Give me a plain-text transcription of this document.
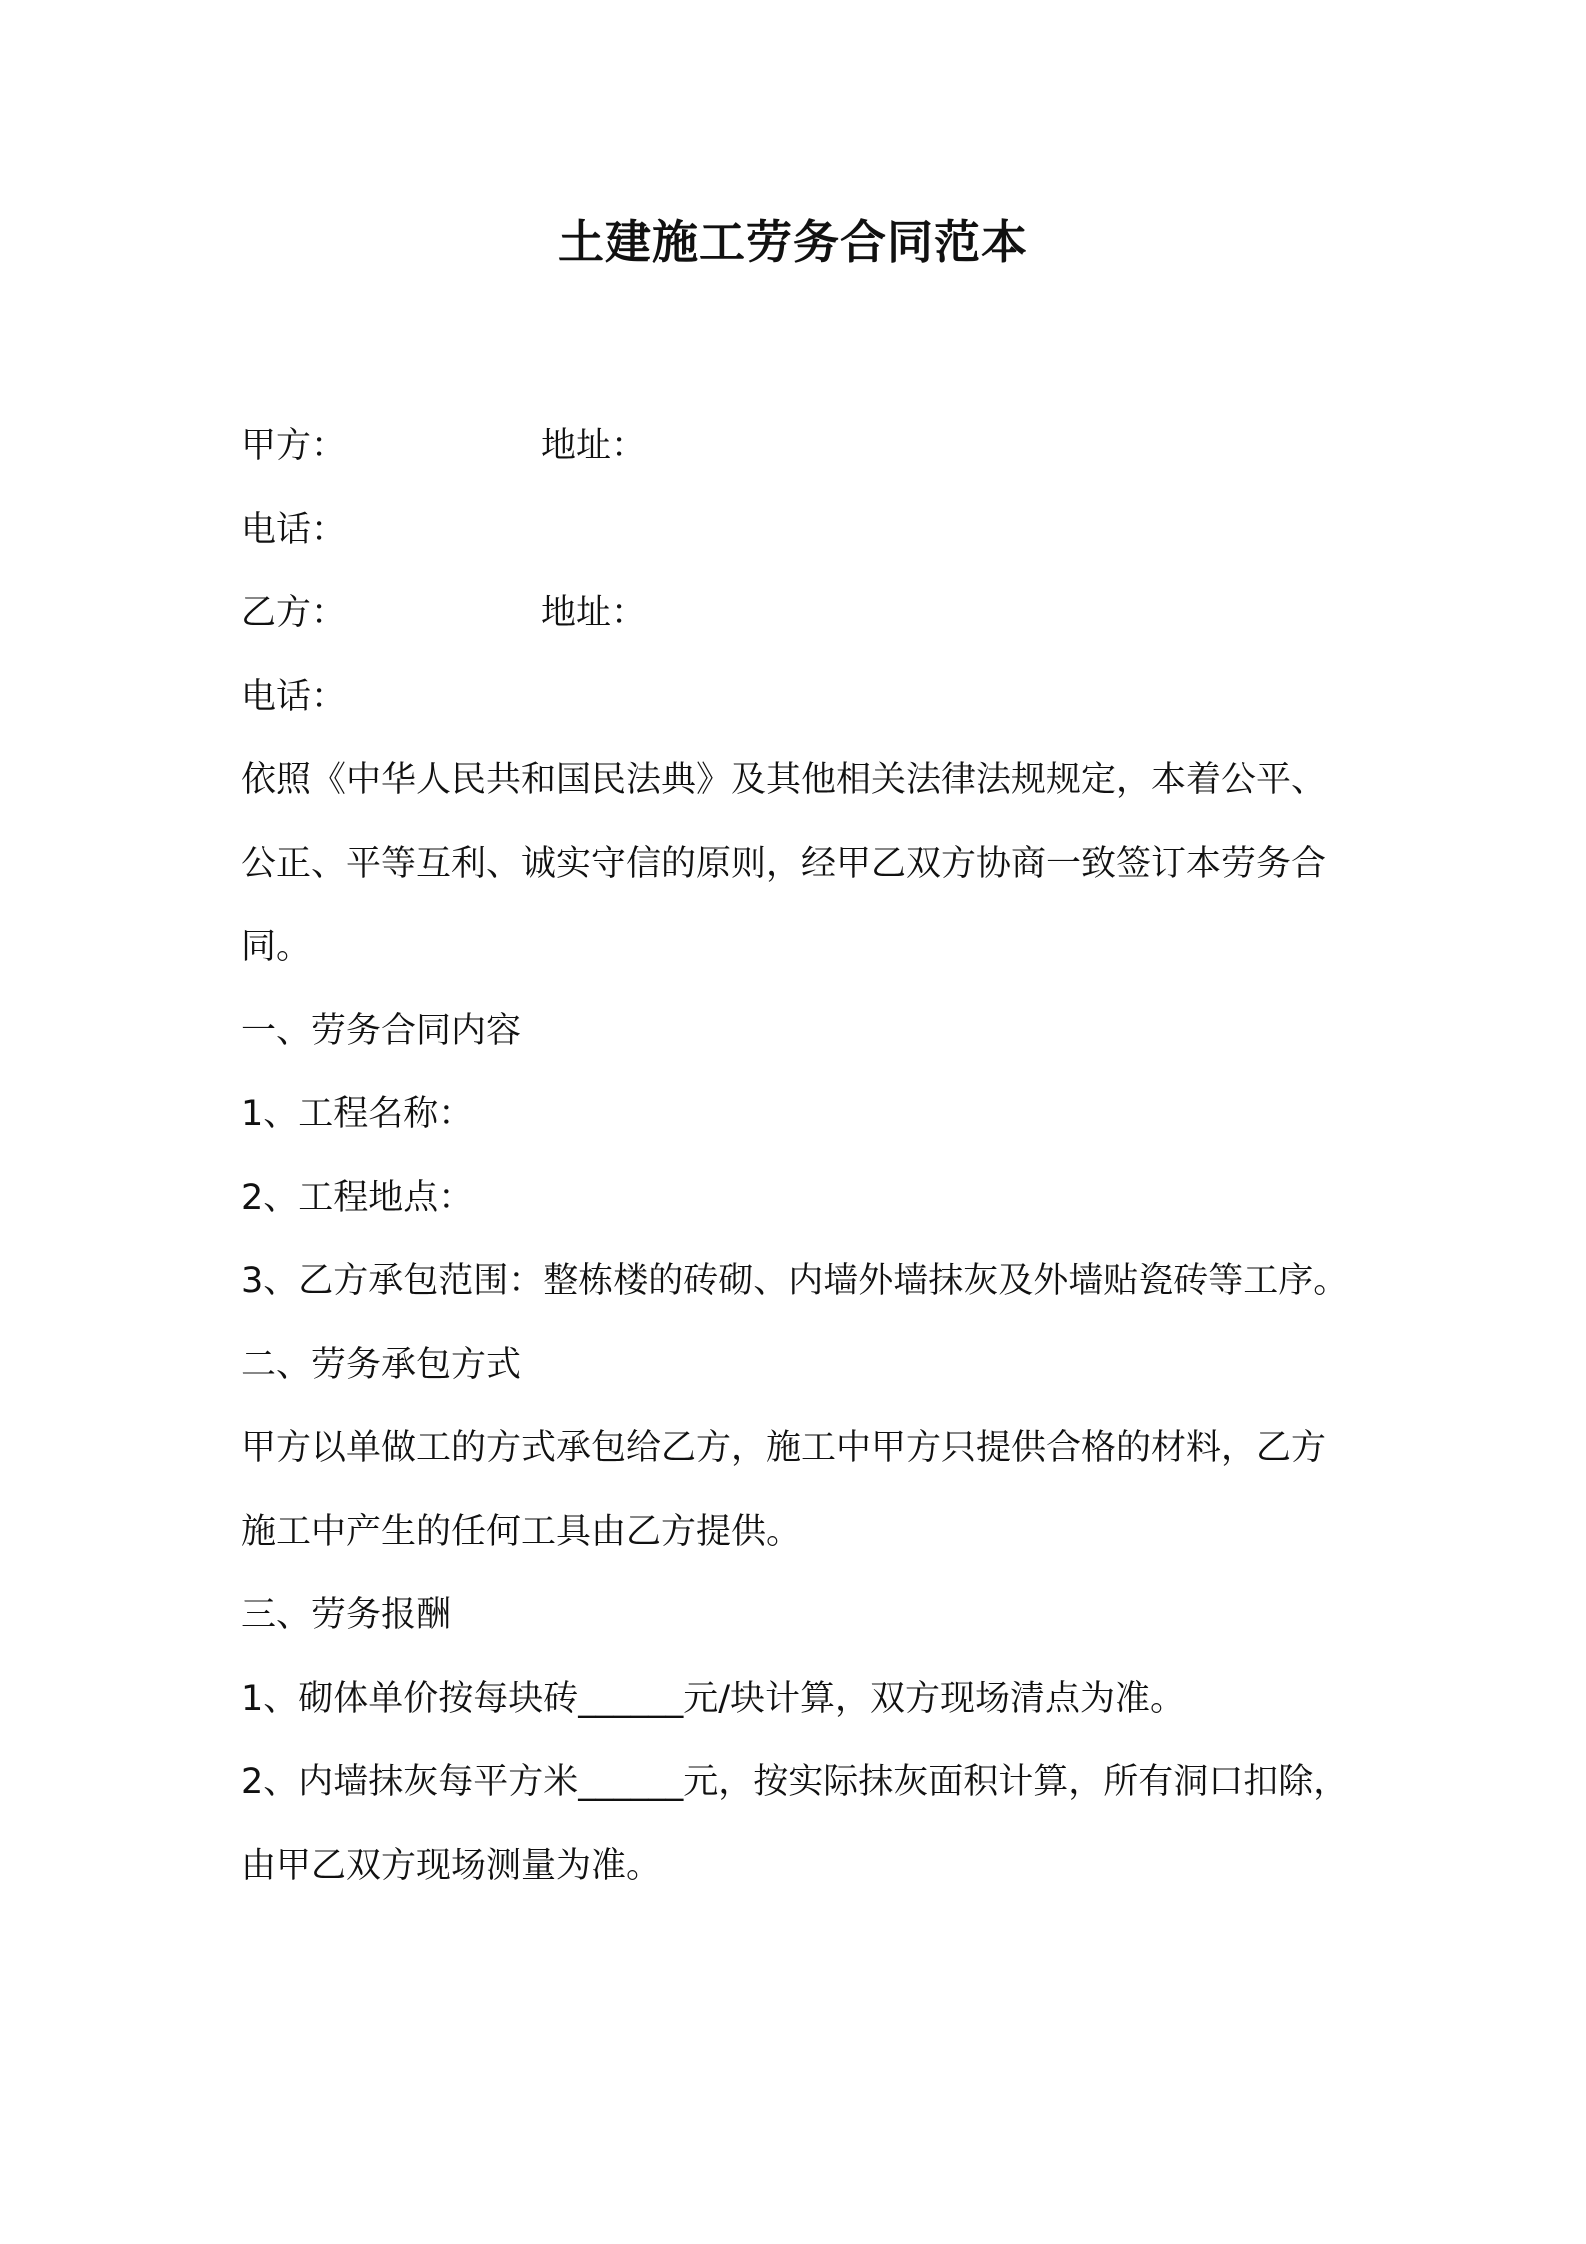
土建施工劳务合同范本
甲方：	地址：
电话：
乙方：	地址：
电话：
依照《中华人民共和国民法典》及其他相关法律法规规定，本着公平、公正、平等互利、诚实守信的原则，经甲乙双方协商一致签订本劳务合同。
一、劳务合同内容
1、工程名称：
2、工程地点：
3、乙方承包范围：整栋楼的砖砌、内墙外墙抹灰及外墙贴瓷砖等工序。
二、劳务承包方式
甲方以单做工的方式承包给乙方，施工中甲方只提供合格的材料，乙方施工中产生的任何工具由乙方提供。
三、劳务报酬
1、砌体单价按每块砖______元/块计算，双方现场清点为准。
2、内墙抹灰每平方米______元，按实际抹灰面积计算，所有洞口扣除，由甲乙双方现场测量为准。
